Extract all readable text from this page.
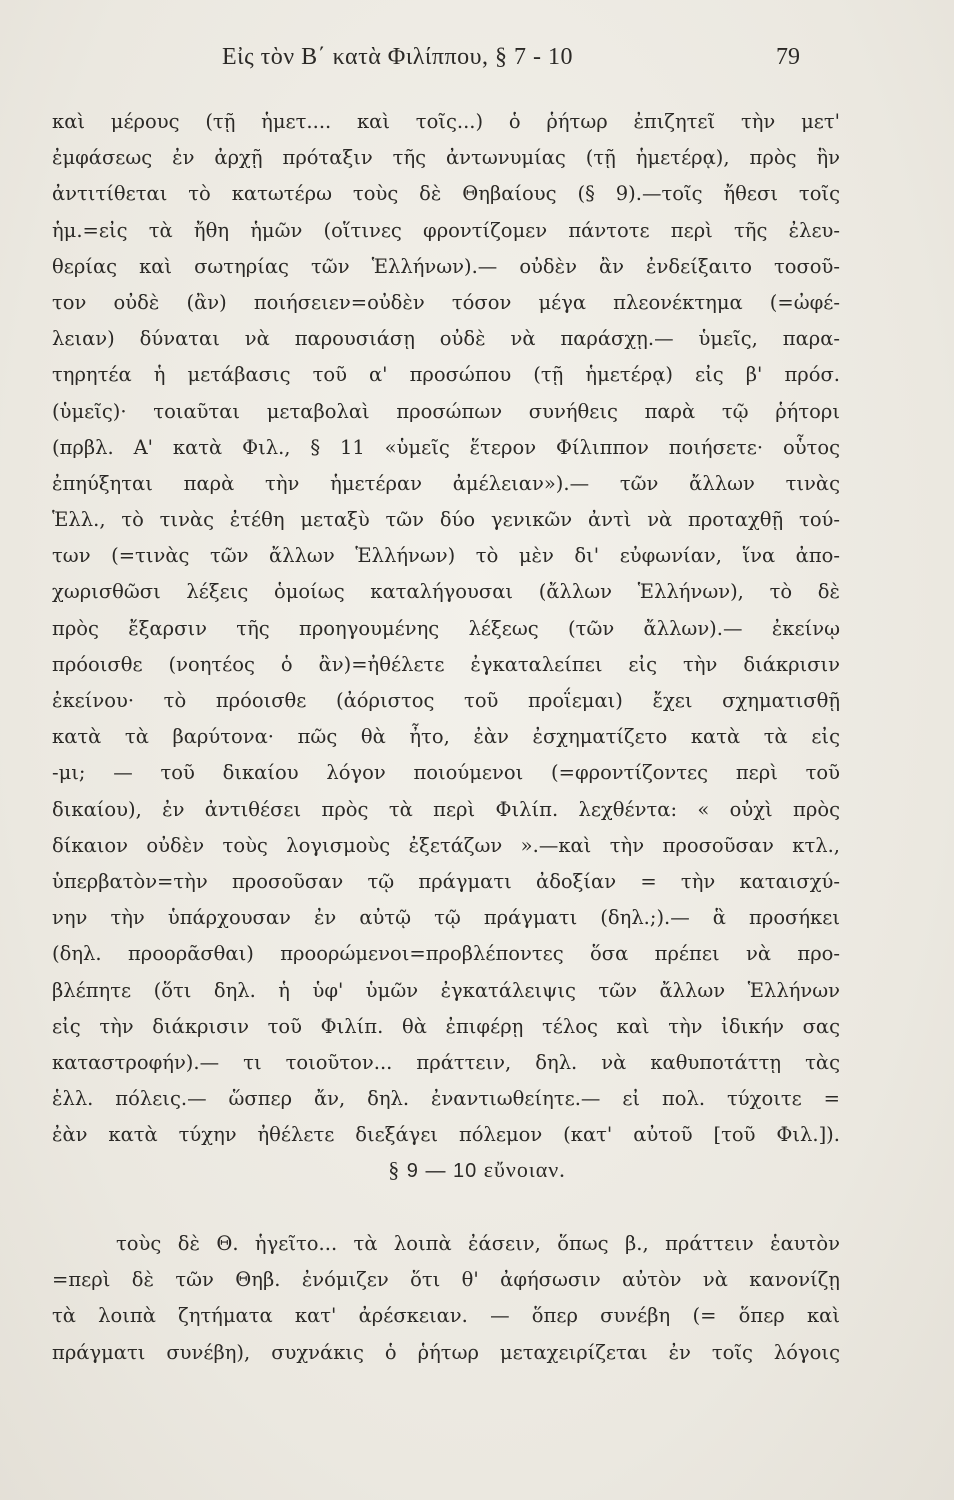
Εἰς τὸν Β΄ κατὰ Φιλίππου, § 7 - 10	79
καὶ μέρους (τῇ ἡμετ.... καὶ τοῖς...) ὁ ῥήτωρ ἐπιζητεῖ τὴν μετ'
ἐμφάσεως ἐν ἀρχῇ πρόταξιν τῆς ἀντωνυμίας (τῇ ἡμετέρᾳ), πρὸς ἣν
ἀντιτίθεται τὸ κατωτέρω τοὺς δὲ Θηβαίους (§ 9).—τοῖς ἤθεσι τοῖς
ἡμ.=εἰς τὰ ἤθη ἡμῶν (οἵτινες φροντίζομεν πάντοτε περὶ τῆς ἐλευ-
θερίας καὶ σωτηρίας τῶν Ἑλλήνων).— οὐδὲν ἂν ἐνδείξαιτο τοσοῦ-
τον οὐδὲ (ἂν) ποιήσειεν=οὐδὲν τόσον μέγα πλεονέκτημα (=ὠφέ-
λειαν) δύναται νὰ παρουσιάσῃ οὐδὲ νὰ παράσχῃ.— ὑμεῖς, παρα-
τηρητέα ἡ μετάβασις τοῦ α' προσώπου (τῇ ἡμετέρᾳ) εἰς β' πρόσ.
(ὑμεῖς)· τοιαῦται μεταβολαὶ προσώπων συνήθεις παρὰ τῷ ῥήτορι
(πρβλ. Α' κατὰ Φιλ., § 11 «ὑμεῖς ἕτερον Φίλιππον ποιήσετε· οὗτος
ἐπηύξηται παρὰ τὴν ἡμετέραν ἀμέλειαν»).— τῶν ἄλλων τινὰς
Ἑλλ., τὸ τινὰς ἐτέθη μεταξὺ τῶν δύο γενικῶν ἀντὶ νὰ προταχθῇ τού-
των (=τινὰς τῶν ἄλλων Ἑλλήνων) τὸ μὲν δι' εὐφωνίαν, ἵνα ἀπο-
χωρισθῶσι λέξεις ὁμοίως καταλήγουσαι (ἄλλων Ἑλλήνων), τὸ δὲ
πρὸς ἔξαρσιν τῆς προηγουμένης λέξεως (τῶν ἄλλων).— ἐκείνῳ
πρόοισθε (νοητέος ὁ ἂν)=ἠθέλετε ἐγκαταλείπει εἰς τὴν διάκρισιν
ἐκείνου· τὸ πρόοισθε (ἀόριστος τοῦ προΐεμαι) ἔχει σχηματισθῇ
κατὰ τὰ βαρύτονα· πῶς θὰ ἦτο, ἐὰν ἐσχηματίζετο κατὰ τὰ εἰς
-μι; — τοῦ δικαίου λόγον ποιούμενοι (=φροντίζοντες περὶ τοῦ
δικαίου), ἐν ἀντιθέσει πρὸς τὰ περὶ Φιλίπ. λεχθέντα: « οὐχὶ πρὸς
δίκαιον οὐδὲν τοὺς λογισμοὺς ἐξετάζων ».—καὶ τὴν προσοῦσαν κτλ.,
ὑπερβατὸν=τὴν προσοῦσαν τῷ πράγματι ἀδοξίαν = τὴν καταισχύ-
νην τὴν ὑπάρχουσαν ἐν αὐτῷ τῷ πράγματι (δηλ.;).— ἃ προσήκει
(δηλ. προορᾶσθαι) προορώμενοι=προβλέποντες ὅσα πρέπει νὰ προ-
βλέπητε (ὅτι δηλ. ἡ ὑφ' ὑμῶν ἐγκατάλειψις τῶν ἄλλων Ἑλλήνων
εἰς τὴν διάκρισιν τοῦ Φιλίπ. θὰ ἐπιφέρῃ τέλος καὶ τὴν ἰδικήν σας
καταστροφήν).— τι τοιοῦτον... πράττειν, δηλ. νὰ καθυποτάττῃ τὰς
ἑλλ. πόλεις.— ὥσπερ ἄν, δηλ. ἐναντιωθείητε.— εἰ πολ. τύχοιτε =
ἐὰν κατὰ τύχην ἠθέλετε διεξάγει πόλεμον (κατ' αὐτοῦ [τοῦ Φιλ.]).
§ 9 — 10 εὔνοιαν.
τοὺς δὲ Θ. ἡγεῖτο... τὰ λοιπὰ ἐάσειν, ὅπως β., πράττειν ἑαυτὸν
=περὶ δὲ τῶν Θηβ. ἐνόμιζεν ὅτι θ' ἀφήσωσιν αὐτὸν νὰ κανονίζῃ
τὰ λοιπὰ ζητήματα κατ' ἀρέσκειαν. — ὅπερ συνέβη (= ὅπερ καὶ
πράγματι συνέβη), συχνάκις ὁ ῥήτωρ μεταχειρίζεται ἐν τοῖς λόγοις
